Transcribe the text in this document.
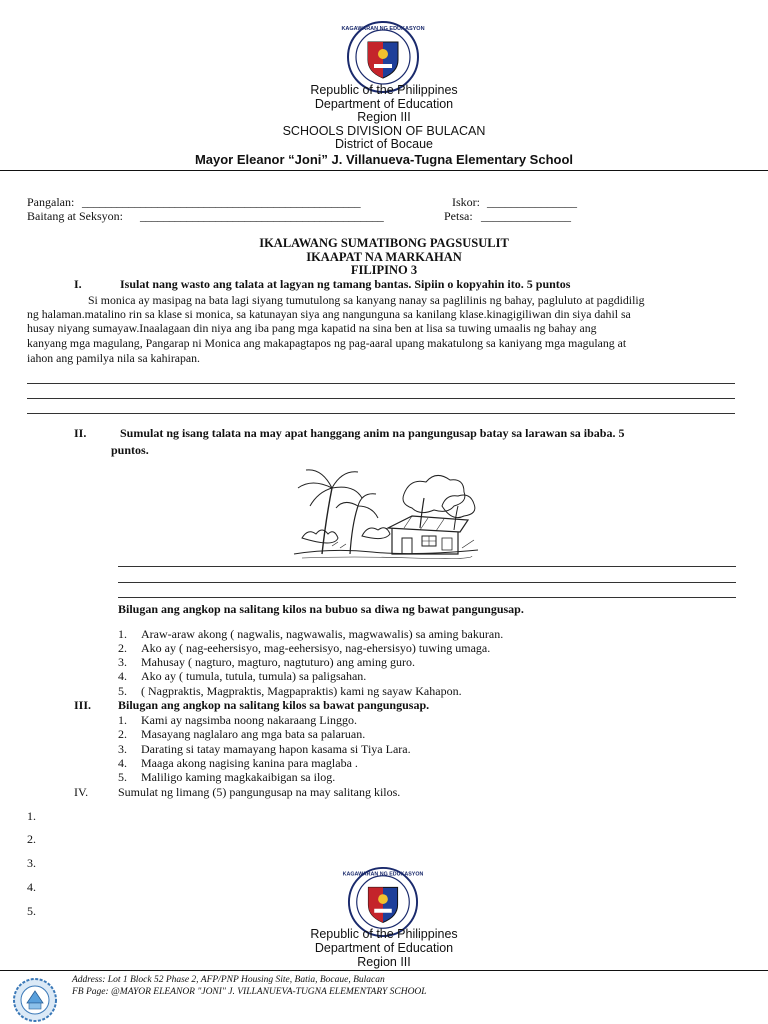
KAGAWARAN NG EDUKASYON
Republic of the Philippines
Department of Education
Region III
SCHOOLS DIVISION OF BULACAN
District of Bocaue
Mayor Eleanor “Joni” J. Villanueva-Tugna Elementary School
Pangalan: ________________________________________________	Iskor: _______________
Baitang at Seksyon: __________________________________________	Petsa: _______________
IKALAWANG SUMATIBONG PAGSUSULIT
IKAAPAT NA MARKAHAN
FILIPINO 3
I.	Isulat nang wasto ang talata at lagyan ng tamang bantas. Sipiin o kopyahin ito. 5 puntos
Si monica ay masipag na bata lagi siyang tumutulong sa kanyang nanay sa paglilinis ng bahay, pagluluto at pagdidilig
ng halaman.matalino rin sa klase si monica, sa katunayan siya ang nangunguna sa kanilang klase.kinagigiliwan din siya dahil sa
husay niyang sumayaw.Inaalagaan din niya ang iba pang mga kapatid na sina ben at lisa sa tuwing umaalis ng bahay ang
kanyang mga magulang, Pangarap ni Monica ang makapagtapos ng pag-aaral upang makatulong sa kaniyang mga magulang at
iahon ang pamilya nila sa kahirapan.
II.	Sumulat ng isang talata na may apat hanggang anim na pangungusap batay sa larawan sa ibaba. 5
puntos.
Bilugan ang angkop na salitang kilos na bubuo sa diwa ng bawat pangungusap.
1. Araw-araw akong ( nagwalis, nagwawalis, magwawalis) sa aming bakuran.
2. Ako ay ( nag-eehersisyo, mag-eehersisyo, nag-ehersisyo) tuwing umaga.
3. Mahusay ( nagturo, magturo, nagtuturo) ang aming guro.
4. Ako ay ( tumula, tutula, tumula) sa paligsahan.
5. ( Nagpraktis, Magpraktis, Magpapraktis) kami ng sayaw Kahapon.
III. Bilugan ang angkop na salitang kilos sa bawat pangungusap.
1. Kami ay nagsimba noong nakaraang Linggo.
2. Masayang naglalaro ang mga bata sa palaruan.
3. Darating si tatay mamayang hapon kasama si Tiya Lara.
4. Maaga akong nagising kanina para maglaba .
5. Maliligo kaming magkakaibigan sa ilog.
IV. Sumulat ng limang (5) pangungusap na may salitang kilos.
1.
2.
3.
4.
5.
KAGAWARAN NG EDUKASYON
Republic of the Philippines
Department of Education
Region III
Address: Lot 1 Block 52 Phase 2, AFP/PNP Housing Site, Batia, Bocaue, Bulacan
FB Page: @MAYOR ELEANOR "JONI" J. VILLANUEVA-TUGNA ELEMENTARY SCHOOL
